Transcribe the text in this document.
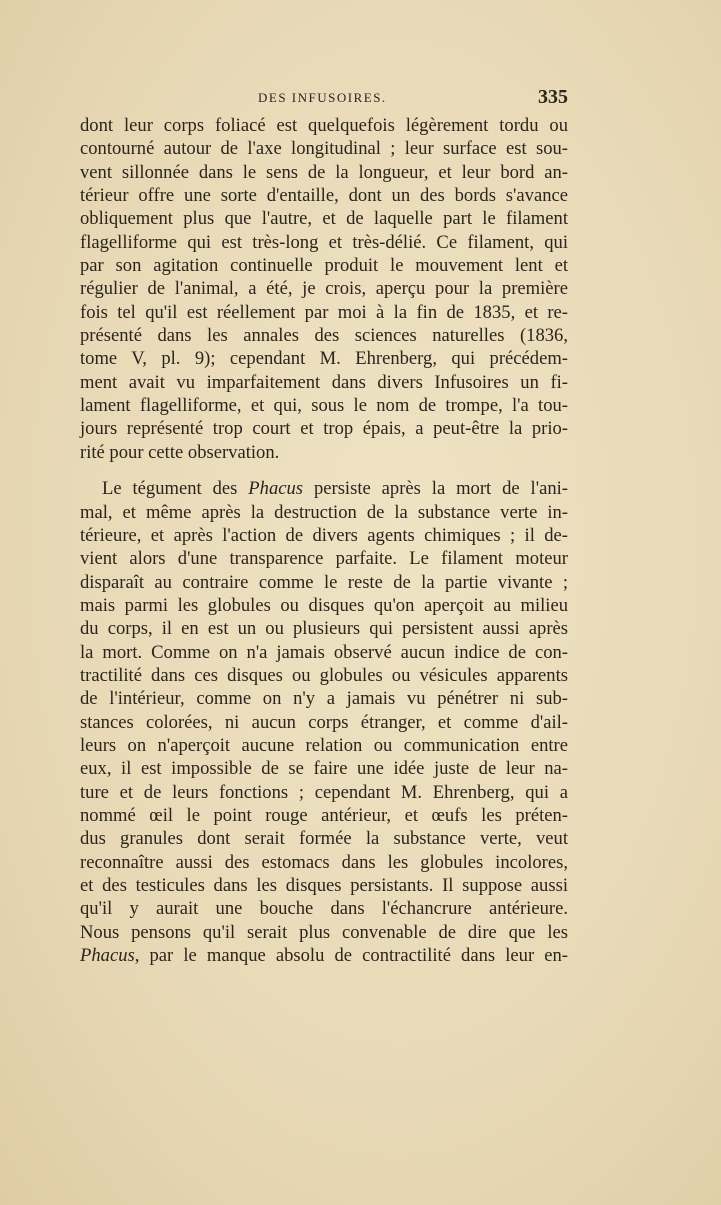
DES INFUSOIRES.	335
dont leur corps foliacé est quelquefois légèrement tordu ou
contourné autour de l'axe longitudinal ; leur surface est sou-
vent sillonnée dans le sens de la longueur, et leur bord an-
térieur offre une sorte d'entaille, dont un des bords s'avance
obliquement plus que l'autre, et de laquelle part le filament
flagelliforme qui est très-long et très-délié. Ce filament, qui
par son agitation continuelle produit le mouvement lent et
régulier de l'animal, a été, je crois, aperçu pour la première
fois tel qu'il est réellement par moi à la fin de 1835, et re-
présenté dans les annales des sciences naturelles (1836,
tome V, pl. 9); cependant M. Ehrenberg, qui précédem-
ment avait vu imparfaitement dans divers Infusoires un fi-
lament flagelliforme, et qui, sous le nom de trompe, l'a tou-
jours représenté trop court et trop épais, a peut-être la prio-
rité pour cette observation.
Le tégument des Phacus persiste après la mort de l'ani-
mal, et même après la destruction de la substance verte in-
térieure, et après l'action de divers agents chimiques ; il de-
vient alors d'une transparence parfaite. Le filament moteur
disparaît au contraire comme le reste de la partie vivante ;
mais parmi les globules ou disques qu'on aperçoit au milieu
du corps, il en est un ou plusieurs qui persistent aussi après
la mort. Comme on n'a jamais observé aucun indice de con-
tractilité dans ces disques ou globules ou vésicules apparents
de l'intérieur, comme on n'y a jamais vu pénétrer ni sub-
stances colorées, ni aucun corps étranger, et comme d'ail-
leurs on n'aperçoit aucune relation ou communication entre
eux, il est impossible de se faire une idée juste de leur na-
ture et de leurs fonctions ; cependant M. Ehrenberg, qui a
nommé œil le point rouge antérieur, et œufs les préten-
dus granules dont serait formée la substance verte, veut
reconnaître aussi des estomacs dans les globules incolores,
et des testicules dans les disques persistants. Il suppose aussi
qu'il y aurait une bouche dans l'échancrure antérieure.
Nous pensons qu'il serait plus convenable de dire que les
Phacus, par le manque absolu de contractilité dans leur en-
